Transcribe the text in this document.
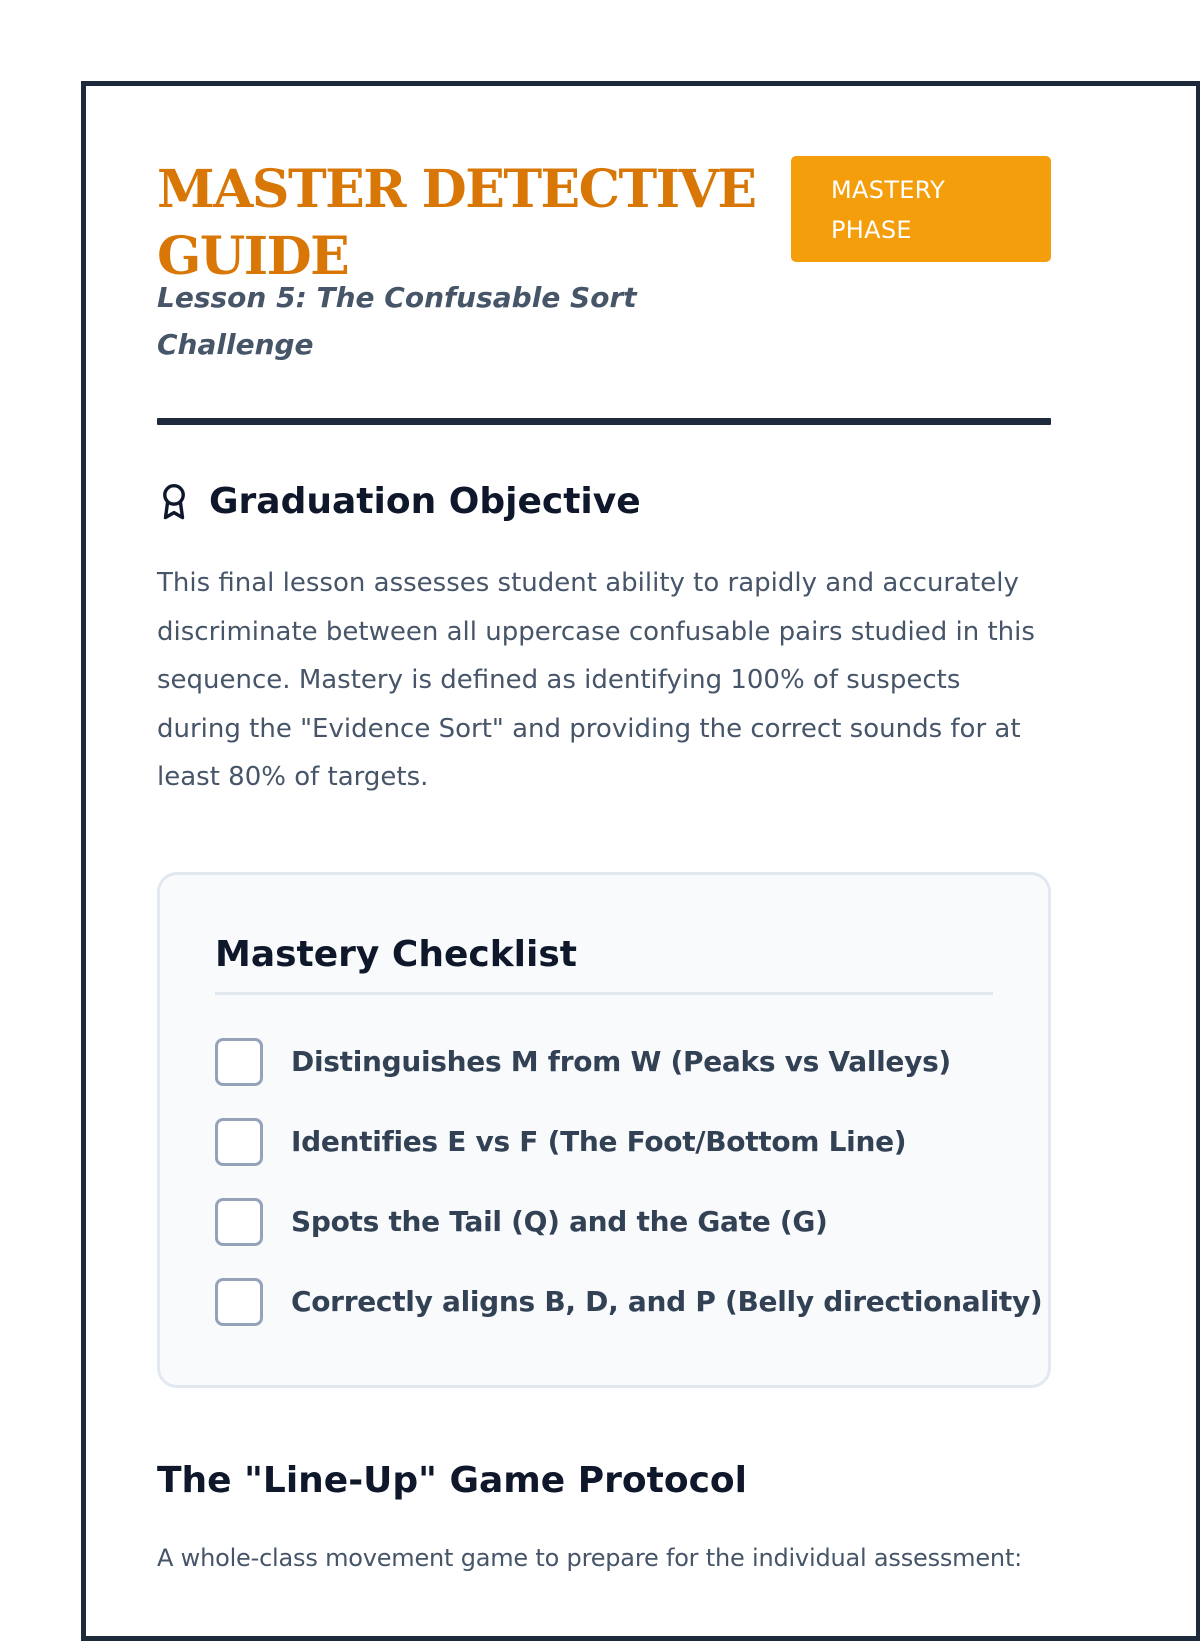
MASTER DETECTIVE GUIDE

Lesson 5: The Confusable Sort Challenge

MASTERY PHASE
Graduation Objective

This final lesson assesses student ability to rapidly and accurately discriminate between all uppercase confusable pairs studied in this sequence. Mastery is defined as identifying 100% of suspects during the "Evidence Sort" and providing the correct sounds for at least 80% of targets.

Mastery Checklist
Distinguishes M from W (Peaks vs Valleys)
Identifies E vs F (The Foot/Bottom Line)
Spots the Tail (Q) and the Gate (G)
Correctly aligns B, D, and P (Belly directionality)
The "Line-Up" Game Protocol

A whole-class movement game to prepare for the individual assessment:
